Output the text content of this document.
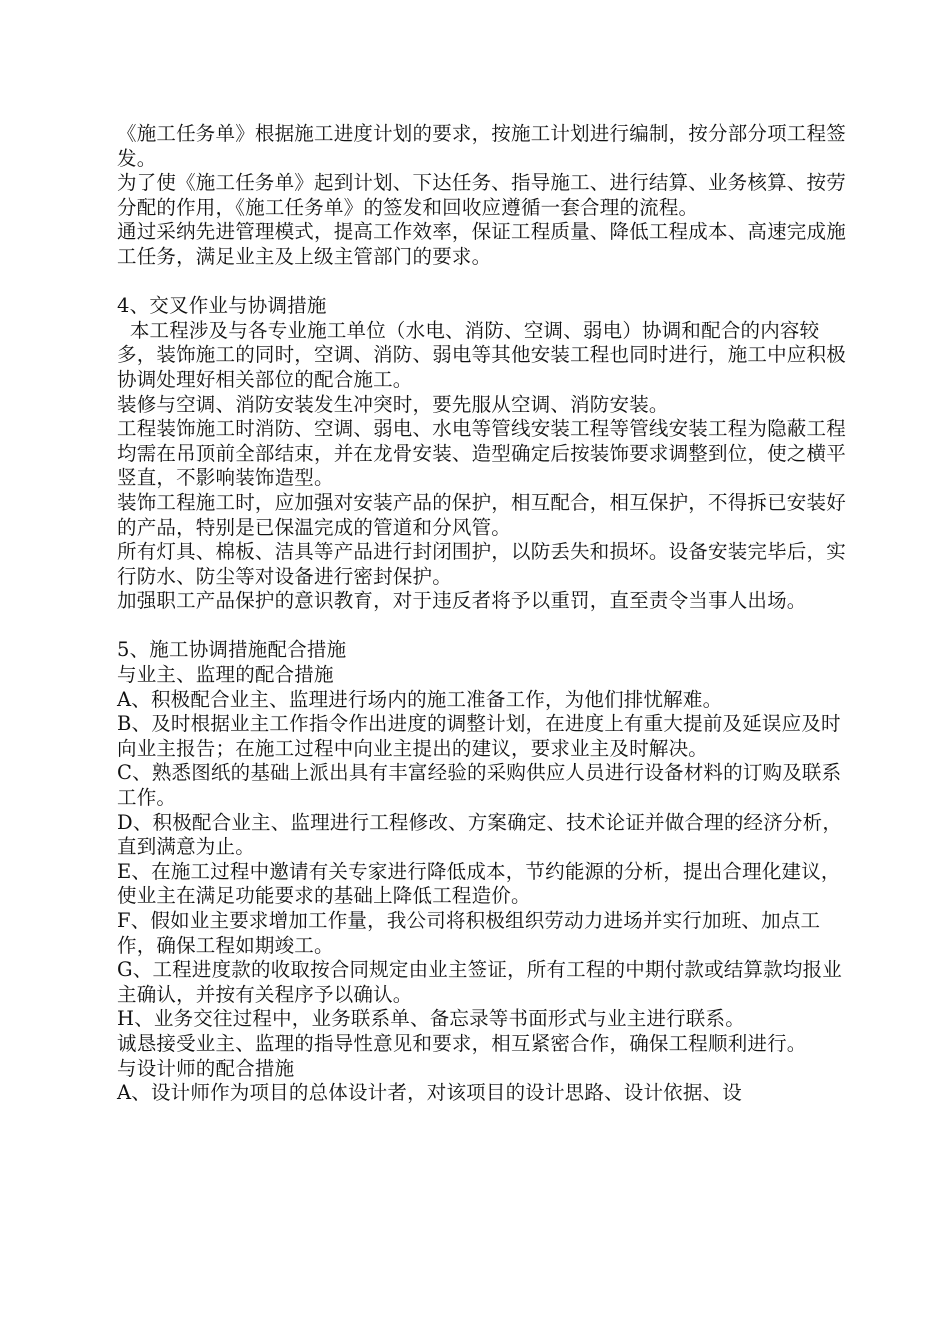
《施工任务单》根据施工进度计划的要求，按施工计划进行编制，按分部分项工程签发。

为了使《施工任务单》起到计划、下达任务、指导施工、进行结算、业务核算、按劳分配的作用，《施工任务单》的签发和回收应遵循一套合理的流程。

通过采纳先进管理模式，提高工作效率，保证工程质量、降低工程成本、高速完成施工任务，满足业主及上级主管部门的要求。

4、交叉作业与协调措施

本工程涉及与各专业施工单位（水电、消防、空调、弱电）协调和配合的内容较多，装饰施工的同时，空调、消防、弱电等其他安装工程也同时进行，施工中应积极协调处理好相关部位的配合施工。

装修与空调、消防安装发生冲突时，要先服从空调、消防安装。

工程装饰施工时消防、空调、弱电、水电等管线安装工程等管线安装工程为隐蔽工程均需在吊顶前全部结束，并在龙骨安装、造型确定后按装饰要求调整到位，使之横平竖直，不影响装饰造型。

装饰工程施工时，应加强对安装产品的保护，相互配合，相互保护，不得拆已安装好的产品，特别是已保温完成的管道和分风管。

所有灯具、棉板、洁具等产品进行封闭围护，以防丢失和损坏。设备安装完毕后，实行防水、防尘等对设备进行密封保护。

加强职工产品保护的意识教育，对于违反者将予以重罚，直至责令当事人出场。

5、施工协调措施配合措施

与业主、监理的配合措施

A、积极配合业主、监理进行场内的施工准备工作，为他们排忧解难。

B、及时根据业主工作指令作出进度的调整计划，在进度上有重大提前及延误应及时向业主报告；在施工过程中向业主提出的建议，要求业主及时解决。

C、熟悉图纸的基础上派出具有丰富经验的采购供应人员进行设备材料的订购及联系工作。

D、积极配合业主、监理进行工程修改、方案确定、技术论证并做合理的经济分析，直到满意为止。

E、在施工过程中邀请有关专家进行降低成本，节约能源的分析，提出合理化建议，使业主在满足功能要求的基础上降低工程造价。

F、假如业主要求增加工作量，我公司将积极组织劳动力进场并实行加班、加点工作，确保工程如期竣工。

G、工程进度款的收取按合同规定由业主签证，所有工程的中期付款或结算款均报业主确认，并按有关程序予以确认。

H、业务交往过程中，业务联系单、备忘录等书面形式与业主进行联系。

诚恳接受业主、监理的指导性意见和要求，相互紧密合作，确保工程顺利进行。

与设计师的配合措施

A、设计师作为项目的总体设计者，对该项目的设计思路、设计依据、设
